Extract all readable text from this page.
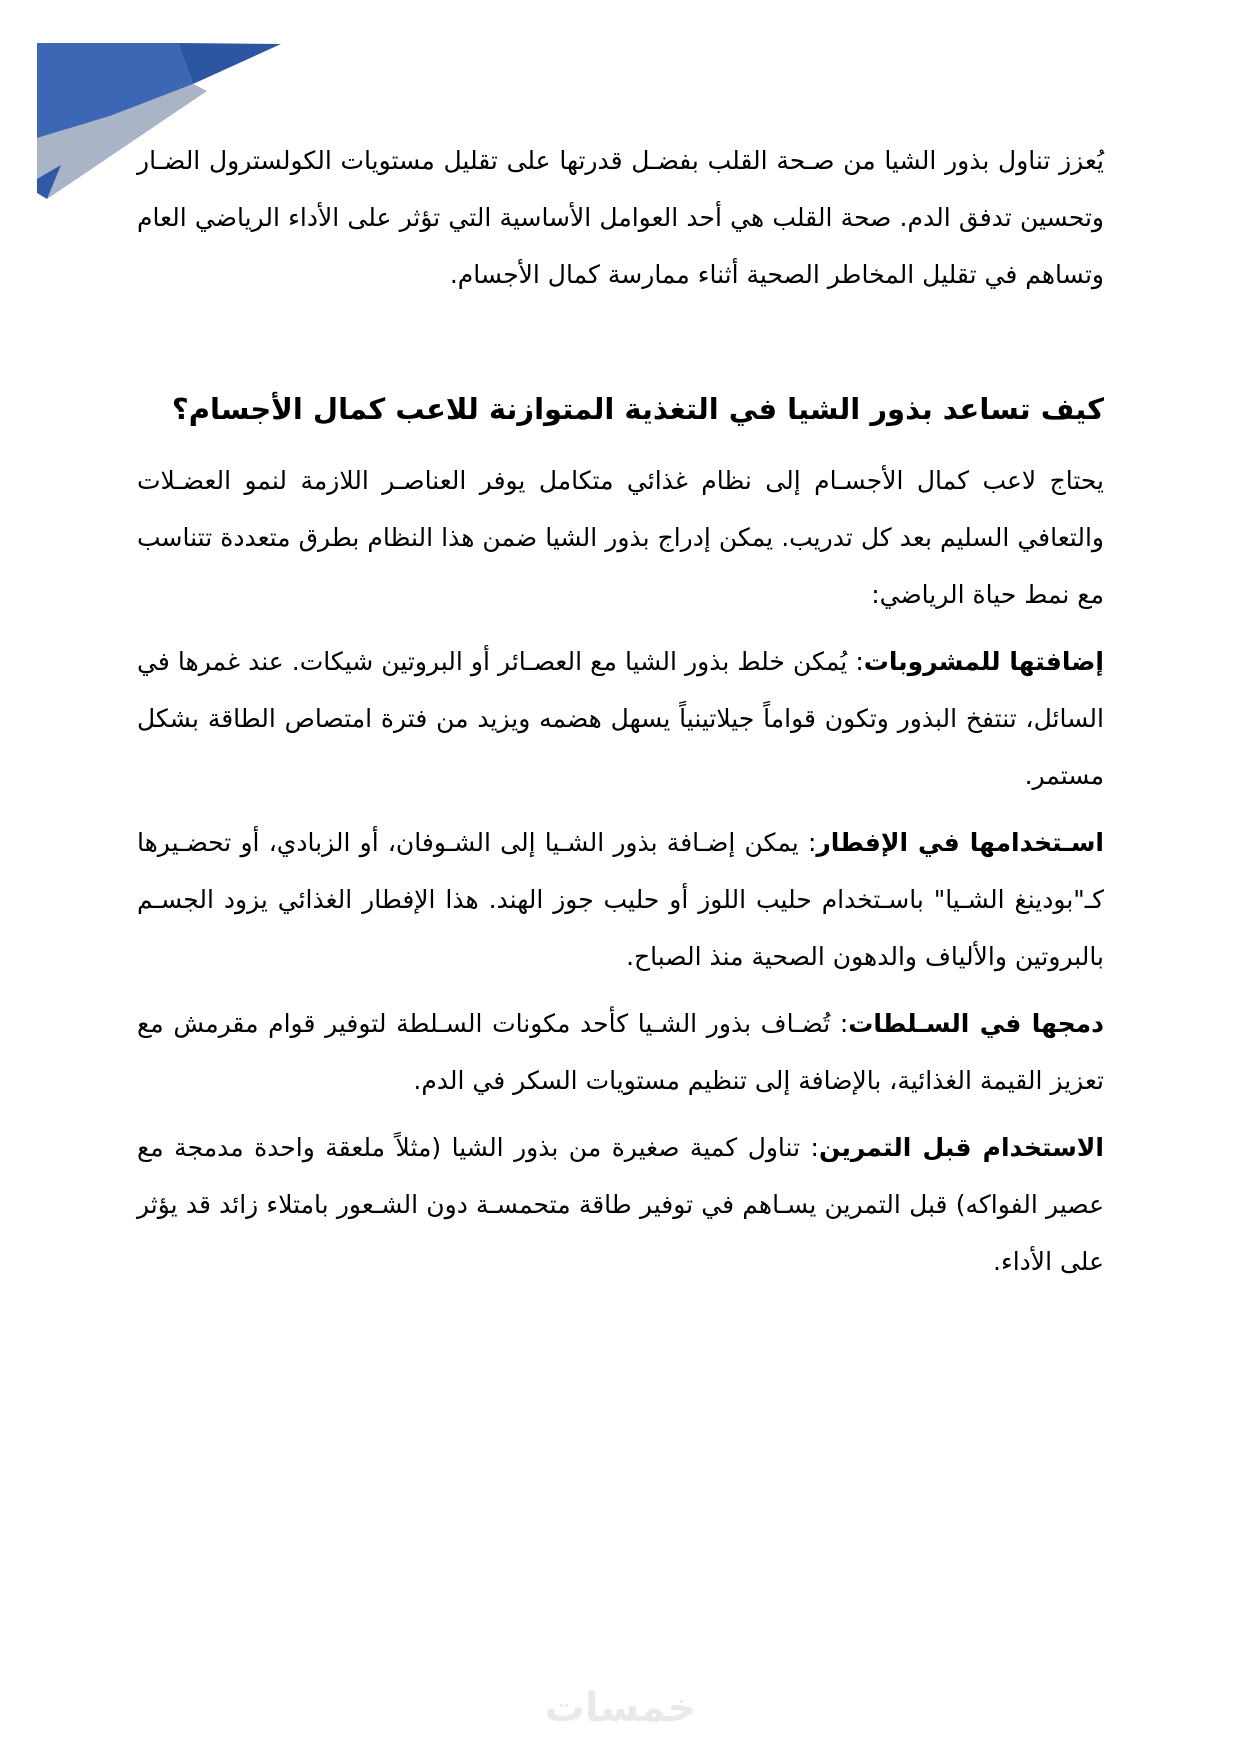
يُعزز تناول بذور الشيا من صـحة القلب بفضـل قدرتها على تقليل مستويات الكولسترول الضـار وتحسين تدفق الدم. صحة القلب هي أحد العوامل الأساسية التي تؤثر على الأداء الرياضي العام وتساهم في تقليل المخاطر الصحية أثناء ممارسة كمال الأجسام.

كيف تساعد بذور الشيا في التغذية المتوازنة للاعب كمال الأجسام؟

يحتاج لاعب كمال الأجسـام إلى نظام غذائي متكامل يوفر العناصـر اللازمة لنمو العضـلات والتعافي السليم بعد كل تدريب. يمكن إدراج بذور الشيا ضمن هذا النظام بطرق متعددة تتناسب مع نمط حياة الرياضي:

إضافتها للمشروبات: يُمكن خلط بذور الشيا مع العصـائر أو البروتين شيكات. عند غمرها في السائل، تنتفخ البذور وتكون قواماً جيلاتينياً يسهل هضمه ويزيد من فترة امتصاص الطاقة بشكل مستمر.

اسـتخدامها في الإفطار: يمكن إضـافة بذور الشـيا إلى الشـوفان، أو الزبادي، أو تحضـيرها كـ"بودينغ الشـيا" باسـتخدام حليب اللوز أو حليب جوز الهند. هذا الإفطار الغذائي يزود الجسـم بالبروتين والألياف والدهون الصحية منذ الصباح.

دمجها في السـلطات: تُضـاف بذور الشـيا كأحد مكونات السـلطة لتوفير قوام مقرمش مع تعزيز القيمة الغذائية، بالإضافة إلى تنظيم مستويات السكر في الدم.

الاستخدام قبل التمرين: تناول كمية صغيرة من بذور الشيا (مثلاً ملعقة واحدة مدمجة مع عصير الفواكه) قبل التمرين يسـاهم في توفير طاقة متحمسـة دون الشـعور بامتلاء زائد قد يؤثر على الأداء.

خمسات
